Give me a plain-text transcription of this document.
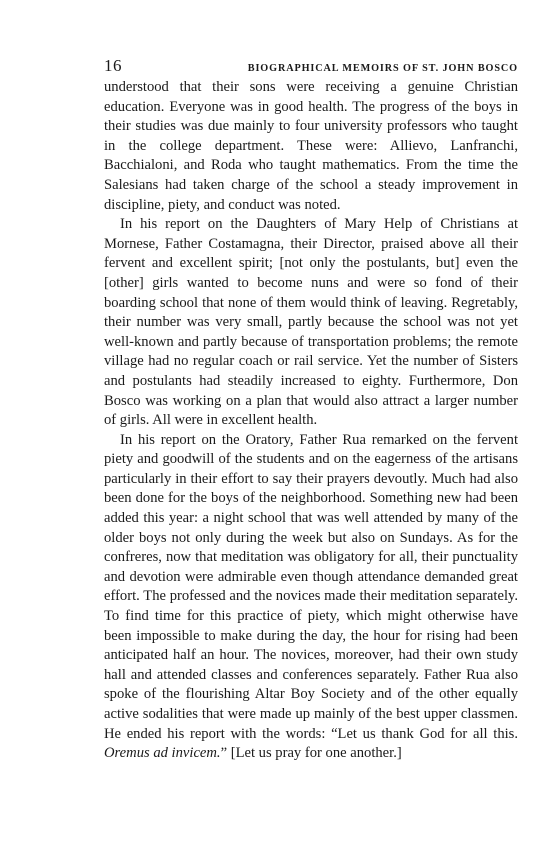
16	BIOGRAPHICAL MEMOIRS OF ST. JOHN BOSCO

understood that their sons were receiving a genuine Christian education. Everyone was in good health. The progress of the boys in their studies was due mainly to four university professors who taught in the college department. These were: Allievo, Lanfranchi, Bacchialoni, and Roda who taught mathematics. From the time the Salesians had taken charge of the school a steady improvement in discipline, piety, and conduct was noted.

In his report on the Daughters of Mary Help of Christians at Mornese, Father Costamagna, their Director, praised above all their fervent and excellent spirit; [not only the postulants, but] even the [other] girls wanted to become nuns and were so fond of their boarding school that none of them would think of leaving. Regretably, their number was very small, partly because the school was not yet well-known and partly because of transportation problems; the remote village had no regular coach or rail service. Yet the number of Sisters and postulants had steadily increased to eighty. Furthermore, Don Bosco was working on a plan that would also attract a larger number of girls. All were in excellent health.

In his report on the Oratory, Father Rua remarked on the fervent piety and goodwill of the students and on the eagerness of the artisans particularly in their effort to say their prayers devoutly. Much had also been done for the boys of the neighborhood. Something new had been added this year: a night school that was well attended by many of the older boys not only during the week but also on Sundays. As for the confreres, now that meditation was obligatory for all, their punctuality and devotion were admirable even though attendance demanded great effort. The professed and the novices made their meditation separately. To find time for this practice of piety, which might otherwise have been impossible to make during the day, the hour for rising had been anticipated half an hour. The novices, moreover, had their own study hall and attended classes and conferences separately. Father Rua also spoke of the flourishing Altar Boy Society and of the other equally active sodalities that were made up mainly of the best upper classmen. He ended his report with the words: “Let us thank God for all this. Oremus ad invicem.” [Let us pray for one another.]
